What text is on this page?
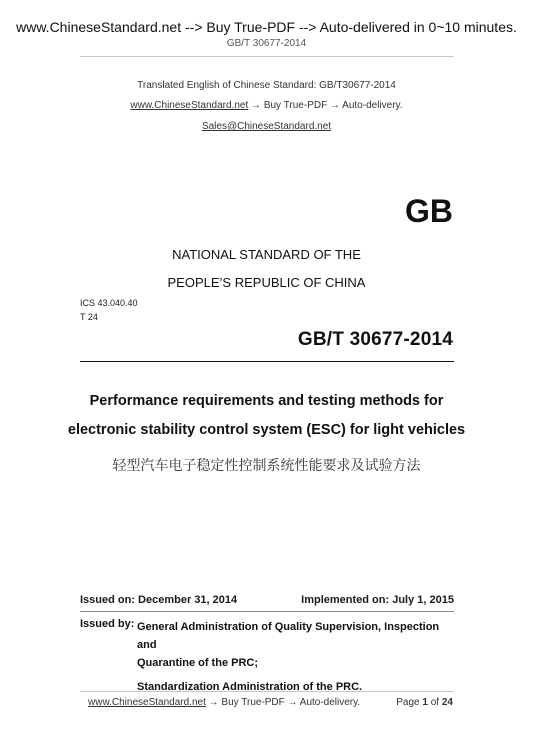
www.ChineseStandard.net --> Buy True-PDF --> Auto-delivered in 0~10 minutes.
GB/T 30677-2014
Translated English of Chinese Standard: GB/T30677-2014
www.ChineseStandard.net → Buy True-PDF → Auto-delivery.
Sales@ChineseStandard.net
GB
NATIONAL STANDARD OF THE
PEOPLE’S REPUBLIC OF CHINA
ICS 43.040.40
T 24
GB/T 30677-2014
Performance requirements and testing methods for
electronic stability control system (ESC) for light vehicles
轻型汽车电子稳定性控制系统性能要求及试验方法
Issued on: December 31, 2014	Implemented on: July 1, 2015
Issued by: General Administration of Quality Supervision, Inspection and
Quarantine of the PRC;
Standardization Administration of the PRC.
www.ChineseStandard.net → Buy True-PDF → Auto-delivery.	Page 1 of 24
